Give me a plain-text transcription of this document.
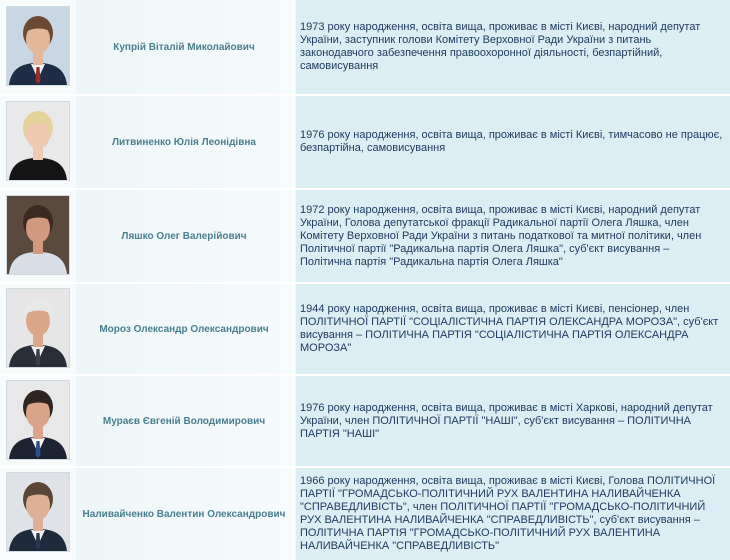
Купрій Віталій Миколайович
1973 року народження, освіта вища, проживає в місті Києві, народний депутат України, заступник голови Комітету Верховної Ради України з питань законодавчого забезпечення правоохоронної діяльності, безпартійний, самовисування
Литвиненко Юлія Леонідівна
1976 року народження, освіта вища, проживає в місті Києві, тимчасово не працює, безпартійна, самовисування
Ляшко Олег Валерійович
1972 року народження, освіта вища, проживає в місті Києві, народний депутат України, Голова депутатської фракції Радикальної партії Олега Ляшка, член Комітету Верховної Ради України з питань податкової та митної політики, член Політичної партії "Радикальна партія Олега Ляшка", суб'єкт висування – Політична партія "Радикальна партія Олега Ляшка"
Мороз Олександр Олександрович
1944 року народження, освіта вища, проживає в місті Києві, пенсіонер, член ПОЛІТИЧНОЇ ПАРТІЇ "СОЦІАЛІСТИЧНА ПАРТІЯ ОЛЕКСАНДРА МОРОЗА", суб'єкт висування – ПОЛІТИЧНА ПАРТІЯ "СОЦІАЛІСТИЧНА ПАРТІЯ ОЛЕКСАНДРА МОРОЗА"
Мураєв Євгеній Володимирович
1976 року народження, освіта вища, проживає в місті Харкові, народний депутат України, член ПОЛІТИЧНОЇ ПАРТІЇ "НАШІ", суб'єкт висування – ПОЛІТИЧНА ПАРТІЯ "НАШІ"
Наливайченко Валентин Олександрович
1966 року народження, освіта вища, проживає в місті Києві, Голова ПОЛІТИЧНОЇ ПАРТІЇ "ГРОМАДСЬКО-ПОЛІТИЧНИЙ РУХ ВАЛЕНТИНА НАЛИВАЙЧЕНКА "СПРАВЕДЛИВІСТЬ", член ПОЛІТИЧНОЇ ПАРТІЇ "ГРОМАДСЬКО-ПОЛІТИЧНИЙ РУХ ВАЛЕНТИНА НАЛИВАЙЧЕНКА "СПРАВЕДЛИВІСТЬ", суб'єкт висування – ПОЛІТИЧНА ПАРТІЯ "ГРОМАДСЬКО-ПОЛІТИЧНИЙ РУХ ВАЛЕНТИНА НАЛИВАЙЧЕНКА "СПРАВЕДЛИВІСТЬ"
